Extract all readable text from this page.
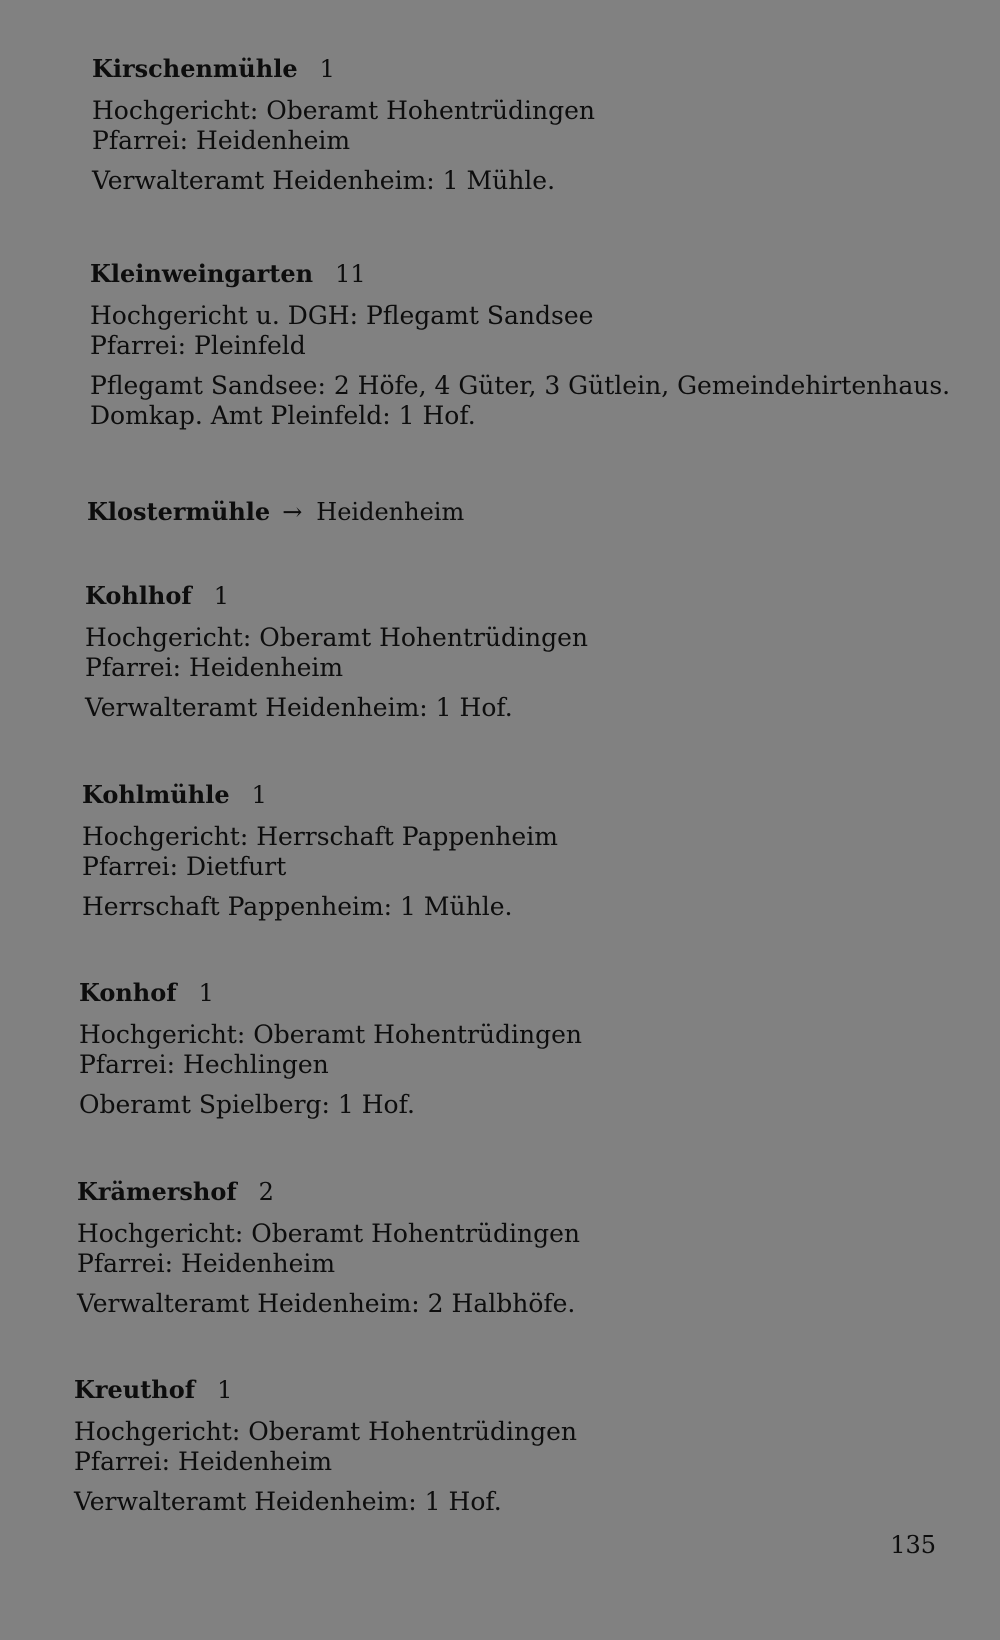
Kirschenmühle 1
Hochgericht: Oberamt Hohentrüdingen
Pfarrei: Heidenheim
Verwalteramt Heidenheim: 1 Mühle.
Kleinweingarten 11
Hochgericht u. DGH: Pflegamt Sandsee
Pfarrei: Pleinfeld
Pflegamt Sandsee: 2 Höfe, 4 Güter, 3 Gütlein, Gemeindehirtenhaus.
Domkap. Amt Pleinfeld: 1 Hof.
Klostermühle → Heidenheim
Kohlhof 1
Hochgericht: Oberamt Hohentrüdingen
Pfarrei: Heidenheim
Verwalteramt Heidenheim: 1 Hof.
Kohlmühle 1
Hochgericht: Herrschaft Pappenheim
Pfarrei: Dietfurt
Herrschaft Pappenheim: 1 Mühle.
Konhof 1
Hochgericht: Oberamt Hohentrüdingen
Pfarrei: Hechlingen
Oberamt Spielberg: 1 Hof.
Krämershof 2
Hochgericht: Oberamt Hohentrüdingen
Pfarrei: Heidenheim
Verwalteramt Heidenheim: 2 Halbhöfe.
Kreuthof 1
Hochgericht: Oberamt Hohentrüdingen
Pfarrei: Heidenheim
Verwalteramt Heidenheim: 1 Hof.
135
